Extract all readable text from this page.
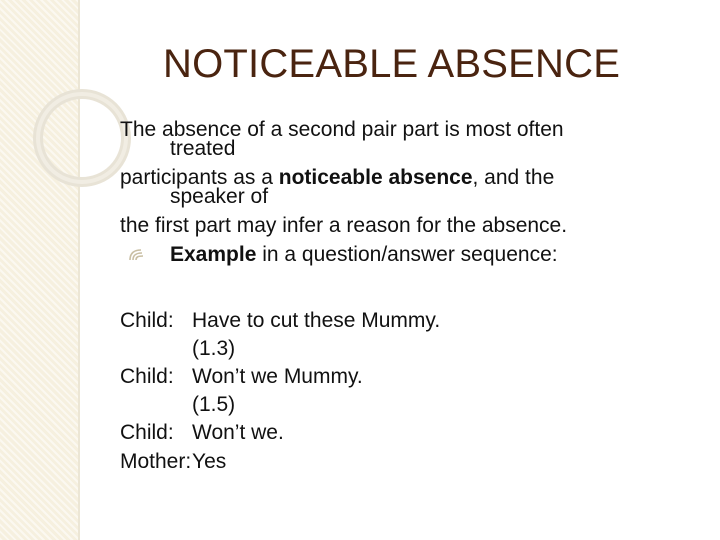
NOTICEABLE ABSENCE
The absence of a second pair part is most often
treated
participants as a noticeable absence, and the
speaker of
the first part may infer a reason for the absence.
Example in a question/answer sequence:
Child: Have to cut these Mummy.
(1.3)
Child: Won’t we Mummy.
(1.5)
Child: Won’t we.
Mother:Yes
